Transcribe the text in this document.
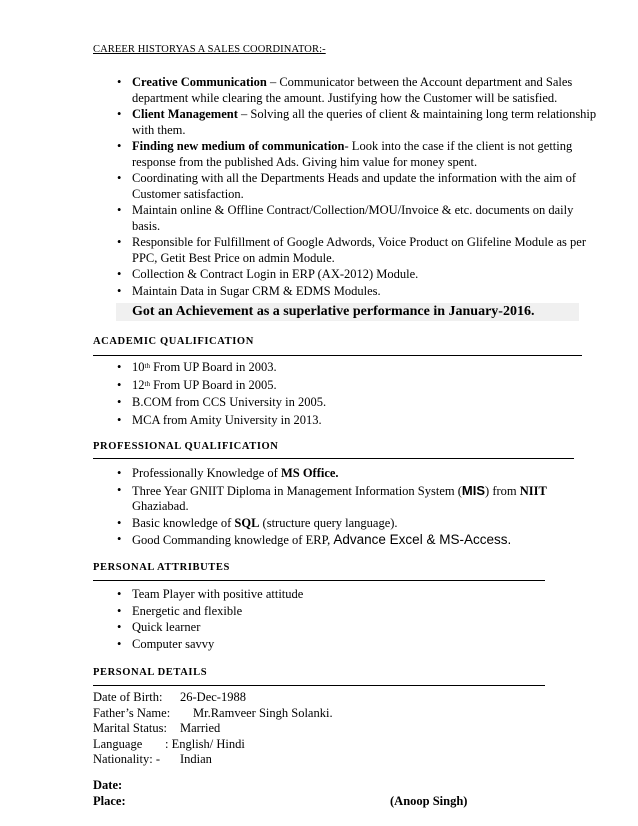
CAREER HISTORYAS A SALES COORDINATOR:-
• Creative Communication – Communicator between the Account department and Sales department while clearing the amount. Justifying how the Customer will be satisfied.
• Client Management – Solving all the queries of client & maintaining long term relationship with them.
• Finding new medium of communication- Look into the case if the client is not getting response from the published Ads. Giving him value for money spent.
• Coordinating with all the Departments Heads and update the information with the aim of Customer satisfaction.
• Maintain online & Offline Contract/Collection/MOU/Invoice & etc. documents on daily basis.
• Responsible for Fulfillment of Google Adwords, Voice Product on Glifeline Module as per PPC, Getit Best Price on admin Module.
• Collection & Contract Login in ERP (AX-2012) Module.
• Maintain Data in Sugar CRM & EDMS Modules.
Got an Achievement as a superlative performance in January-2016.
ACADEMIC QUALIFICATION
• 10th From UP Board in 2003.
• 12th From UP Board in 2005.
• B.COM from CCS University in 2005.
• MCA from Amity University in 2013.
PROFESSIONAL QUALIFICATION
• Professionally Knowledge of MS Office.
• Three Year GNIIT Diploma in Management Information System (MIS) from NIIT Ghaziabad.
• Basic knowledge of SQL (structure query language).
• Good Commanding knowledge of ERP, Advance Excel & MS-Access.
PERSONAL ATTRIBUTES
• Team Player with positive attitude
• Energetic and flexible
• Quick learner
• Computer savvy
PERSONAL DETAILS
Date of Birth:	26-Dec-1988
Father’s Name:	Mr.Ramveer Singh Solanki.
Marital Status:	Married
Language	: English/ Hindi
Nationality: -	Indian
Date:
Place:	(Anoop Singh)
